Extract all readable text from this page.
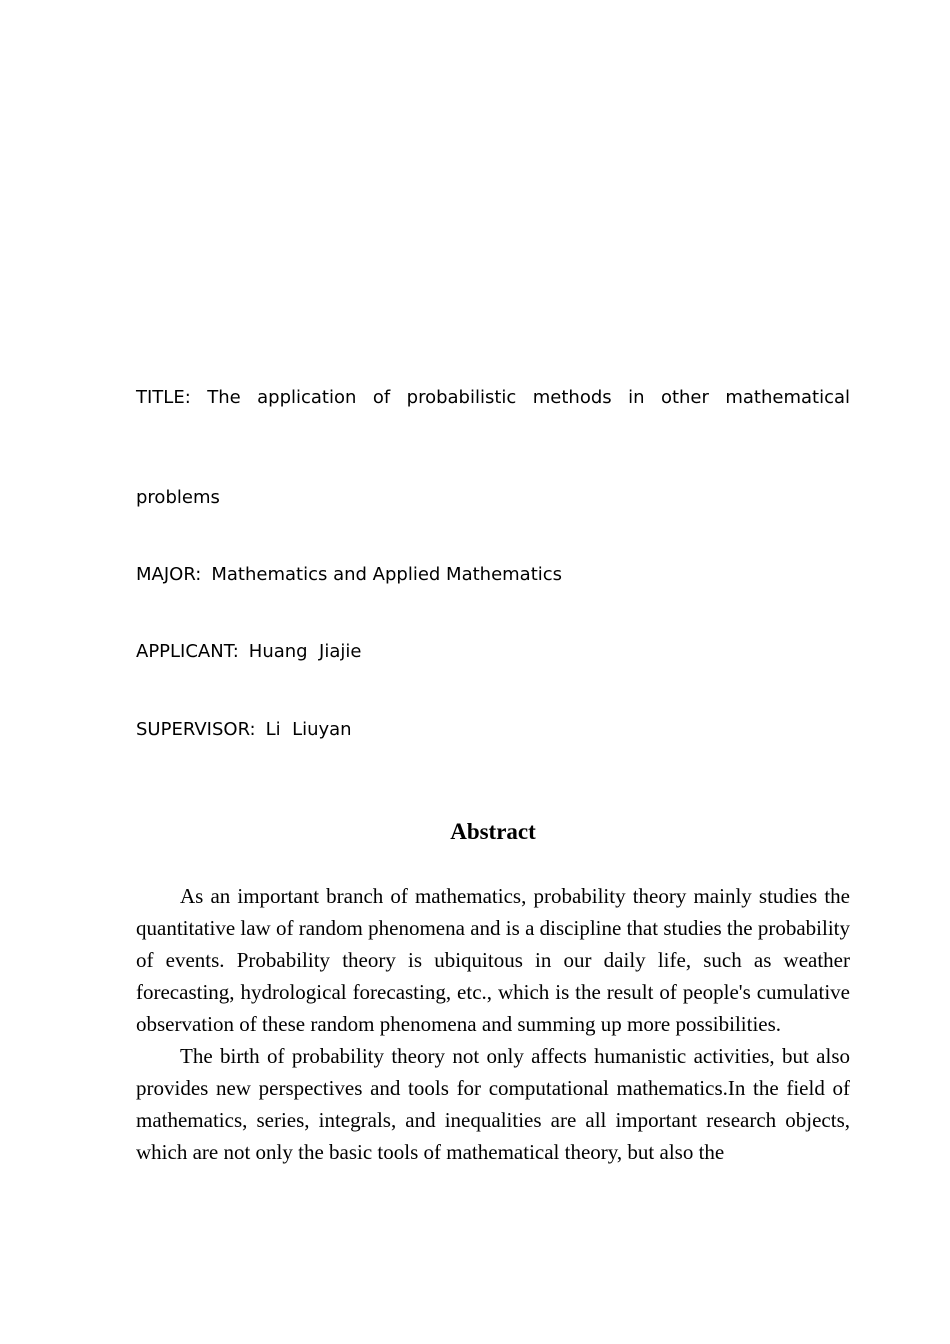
TITLE: The application of probabilistic methods in other mathematical
problems
MAJOR: Mathematics and Applied Mathematics
APPLICANT: Huang  Jiajie
SUPERVISOR: Li  Liuyan
Abstract

As an important branch of mathematics, probability theory mainly studies the quantitative law of random phenomena and is a discipline that studies the probability of events. Probability theory is ubiquitous in our daily life, such as weather forecasting, hydrological forecasting, etc., which is the result of people's cumulative observation of these random phenomena and summing up more possibilities.

The birth of probability theory not only affects humanistic activities, but also provides new perspectives and tools for computational mathematics.In the field of mathematics, series, integrals, and inequalities are all important research objects, which are not only the basic tools of mathematical theory, but also the
